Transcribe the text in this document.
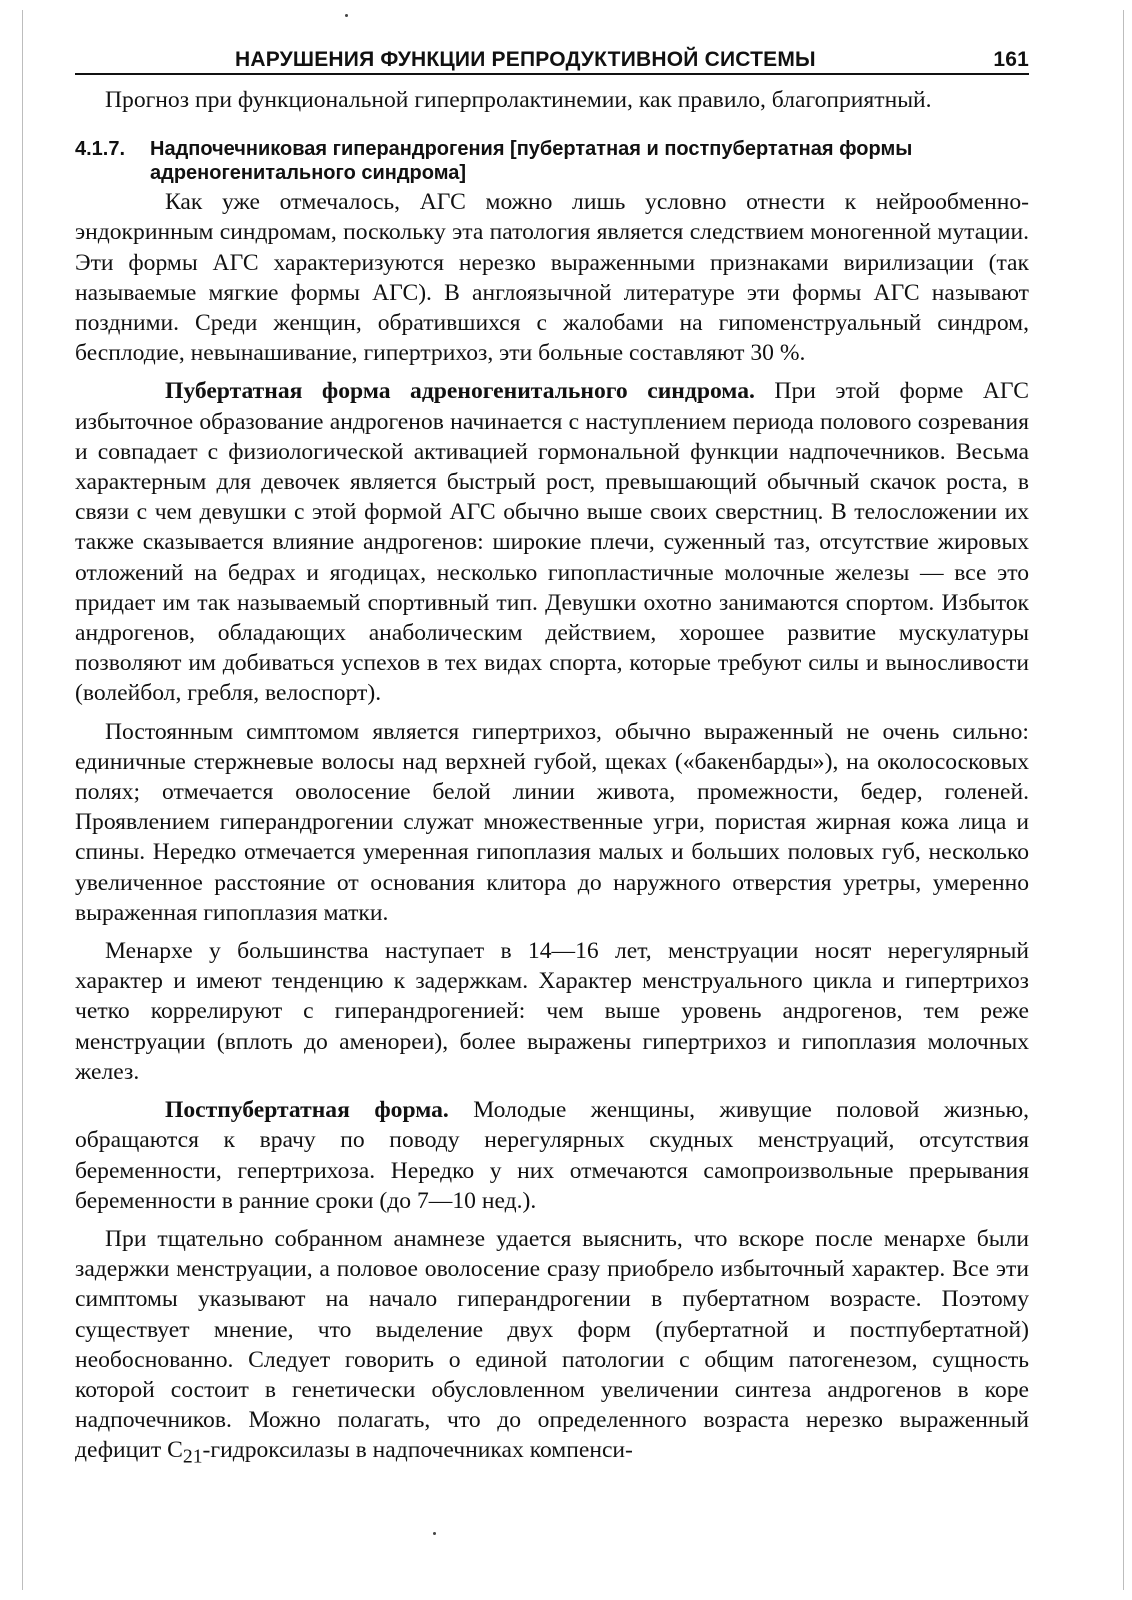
НАРУШЕНИЯ ФУНКЦИИ РЕПРОДУКТИВНОЙ СИСТЕМЫ	161

Прогноз при функциональной гиперпролактинемии, как правило, благоприятный.

4.1.7.	Надпочечниковая гиперандрогения [пубертатная и постпубертатная формы адреногенитального синдрома]

Как уже отмечалось, АГС можно лишь условно отнести к нейрообменно-эндокринным синдромам, поскольку эта патология является следствием моногенной мутации. Эти формы АГС характеризуются нерезко выраженными признаками вирилизации (так называемые мягкие формы АГС). В англоязычной литературе эти формы АГС называют поздними. Среди женщин, обратившихся с жалобами на гипоменструальный синдром, бесплодие, невынашивание, гипертрихоз, эти больные составляют 30 %.

Пубертатная форма адреногенитального синдрома. При этой форме АГС избыточное образование андрогенов начинается с наступлением периода полового созревания и совпадает с физиологической активацией гормональной функции надпочечников. Весьма характерным для девочек является быстрый рост, превышающий обычный скачок роста, в связи с чем девушки с этой формой АГС обычно выше своих сверстниц. В телосложении их также сказывается влияние андрогенов: широкие плечи, суженный таз, отсутствие жировых отложений на бедрах и ягодицах, несколько гипопластичные молочные железы — все это придает им так называемый спортивный тип. Девушки охотно занимаются спортом. Избыток андрогенов, обладающих анаболическим действием, хорошее развитие мускулатуры позволяют им добиваться успехов в тех видах спорта, которые требуют силы и выносливости (волейбол, гребля, велоспорт).

Постоянным симптомом является гипертрихоз, обычно выраженный не очень сильно: единичные стержневые волосы над верхней губой, щеках («бакенбарды»), на околососковых полях; отмечается оволосение белой линии живота, промежности, бедер, голеней. Проявлением гиперандрогении служат множественные угри, пористая жирная кожа лица и спины. Нередко отмечается умеренная гипоплазия малых и больших половых губ, несколько увеличенное расстояние от основания клитора до наружного отверстия уретры, умеренно выраженная гипоплазия матки.

Менархе у большинства наступает в 14—16 лет, менструации носят нерегулярный характер и имеют тенденцию к задержкам. Характер менструального цикла и гипертрихоз четко коррелируют с гиперандрогенией: чем выше уровень андрогенов, тем реже менструации (вплоть до аменореи), более выражены гипертрихоз и гипоплазия молочных желез.

Постпубертатная форма. Молодые женщины, живущие половой жизнью, обращаются к врачу по поводу нерегулярных скудных менструаций, отсутствия беременности, гепертрихоза. Нередко у них отмечаются самопроизвольные прерывания беременности в ранние сроки (до 7—10 нед.).

При тщательно собранном анамнезе удается выяснить, что вскоре после менархе были задержки менструации, а половое оволосение сразу приобрело избыточный характер. Все эти симптомы указывают на начало гиперандрогении в пубертатном возрасте. Поэтому существует мнение, что выделение двух форм (пубертатной и постпубертатной) необоснованно. Следует говорить о единой патологии с общим патогенезом, сущность которой состоит в генетически обусловленном увеличении синтеза андрогенов в коре надпочечников. Можно полагать, что до определенного возраста нерезко выраженный дефицит $С_{21}$-гидроксилазы в надпочечниках компенси-
